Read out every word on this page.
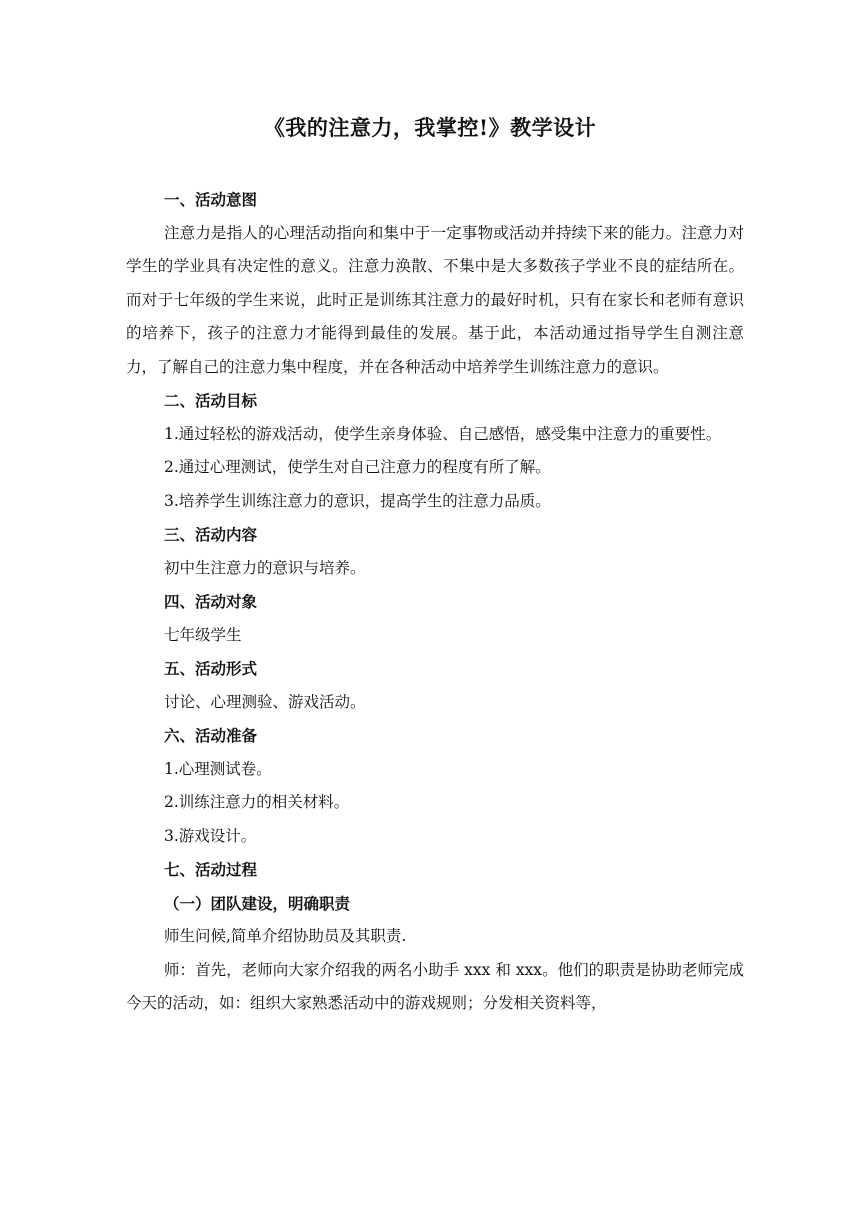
《我的注意力，我掌控!》教学设计
一、活动意图
注意力是指人的心理活动指向和集中于一定事物或活动并持续下来的能力。注意力对学生的学业具有决定性的意义。注意力涣散、不集中是大多数孩子学业不良的症结所在。而对于七年级的学生来说，此时正是训练其注意力的最好时机，只有在家长和老师有意识的培养下，孩子的注意力才能得到最佳的发展。基于此，本活动通过指导学生自测注意力，了解自己的注意力集中程度，并在各种活动中培养学生训练注意力的意识。
二、活动目标
1.通过轻松的游戏活动，使学生亲身体验、自己感悟，感受集中注意力的重要性。
2.通过心理测试，使学生对自己注意力的程度有所了解。
3.培养学生训练注意力的意识，提高学生的注意力品质。
三、活动内容
初中生注意力的意识与培养。
四、活动对象
七年级学生
五、活动形式
讨论、心理测验、游戏活动。
六、活动准备
1.心理测试卷。
2.训练注意力的相关材料。
3.游戏设计。
七、活动过程
（一）团队建设，明确职责
师生问候,简单介绍协助员及其职责.
师：首先，老师向大家介绍我的两名小助手 xxx 和 xxx。他们的职责是协助老师完成今天的活动，如：组织大家熟悉活动中的游戏规则；分发相关资料等，
